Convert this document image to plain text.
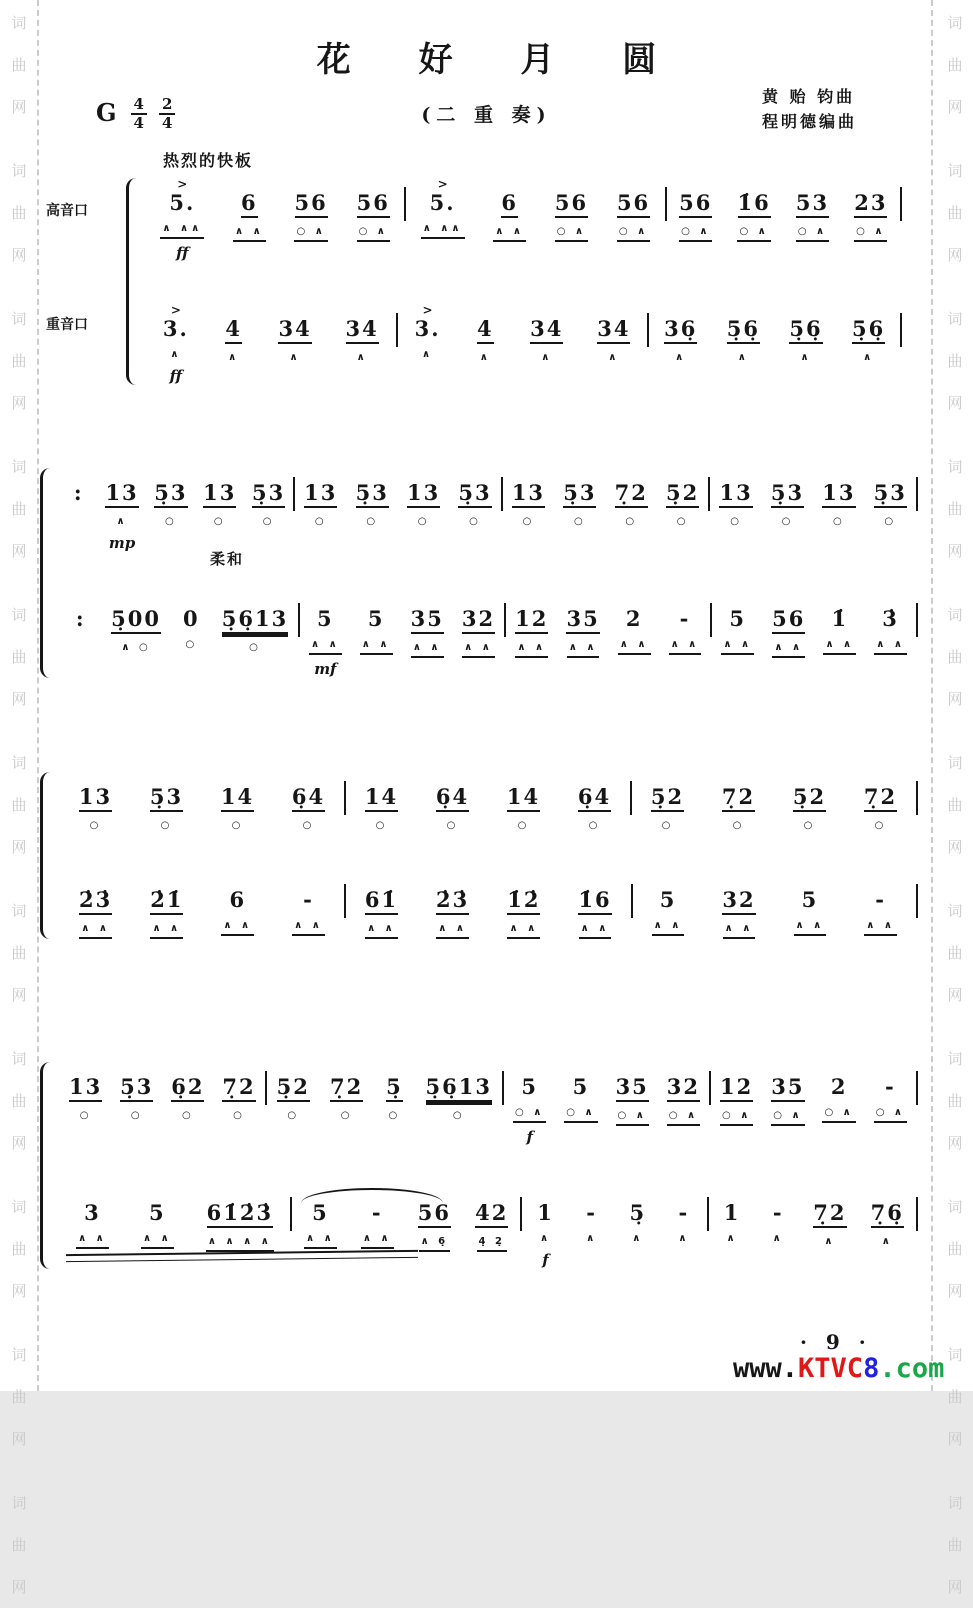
词
曲
网
词
曲
网
词
曲
网
词
曲
网
词
曲
网
词
曲
网
词
曲
网
词
曲
网
词
曲
网
词
曲
网
词
曲
网
词
曲
网
词
曲
网
词
曲
网
词
曲
网
词
曲
网
词
曲
网
词
曲
网
词
曲
网
词
曲
网
词
曲
网
词
曲
网
花 好 月 圆
(二 重 奏)
G $\frac{4}{4} \frac{2}{4}$
黄 贻 钧曲
程明德编曲
热烈的快板
高音口
重音口
>
5.
∧ ∧∧
ff
6
∧ ∧
56
○ ∧
56
○ ∧
>
5.
∧ ∧∧
6
∧ ∧
56
○ ∧
56
○ ∧
56
○ ∧
1̇6
○ ∧
53
○ ∧
23
○ ∧
>
3.
∧
ff
4
∧
34
∧
34
∧
>
3.
∧
4
∧
34
∧
34
∧
36̣
∧
5̣6̣
∧
5̣6̣
∧
5̣6̣
∧
: 13
∧
mp
5̣3
○
13
○
5̣3
○
13
○
5̣3
○
13
○
5̣3
○
13
○
5̣3
○
7̣2
○
5̣2
○
13
○
5̣3
○
13
○
5̣3
○
柔和
: 5̣00
∧ ○
0
○
5̣6̣13
○
5
∧ ∧
mf
5
∧ ∧
35
∧ ∧
32
∧ ∧
12
∧ ∧
35
∧ ∧
2
∧ ∧
-
∧ ∧
5
∧ ∧
56
∧ ∧
1̇
∧ ∧
3̇
∧ ∧
13
○
5̣3
○
14
○
6̣4
○
14
○
6̣4
○
14
○
6̣4
○
5̣2
○
7̣2
○
5̣2
○
7̣2
○
2̇3̇
∧ ∧
2̇1̇
∧ ∧
6
∧ ∧
-
∧ ∧
61̇
∧ ∧
2̇3̇
∧ ∧
1̇2̇
∧ ∧
1̇6
∧ ∧
5
∧ ∧
32
∧ ∧
5
∧ ∧
-
∧ ∧
13
○
5̣3
○
6̣2
○
7̣2
○
5̣2
○
7̣2
○
5̣
○
5̣6̣13
○
5
○ ∧
f
5
○ ∧
35
○ ∧
32
○ ∧
12
○ ∧
35
○ ∧
2
○ ∧
-
○ ∧
3
∧ ∧
5
∧ ∧
61̇2̇3̇
∧ ∧ ∧ ∧
5
∧ ∧
-
∧ ∧
56
∧ 6̣
42
4̣ 2̣
1
∧
f
-
∧
5̣
∧
-
∧
1
∧
-
∧
7̣2
∧
7̣6̣
∧
· 9 ·
www.KTVC8.com
